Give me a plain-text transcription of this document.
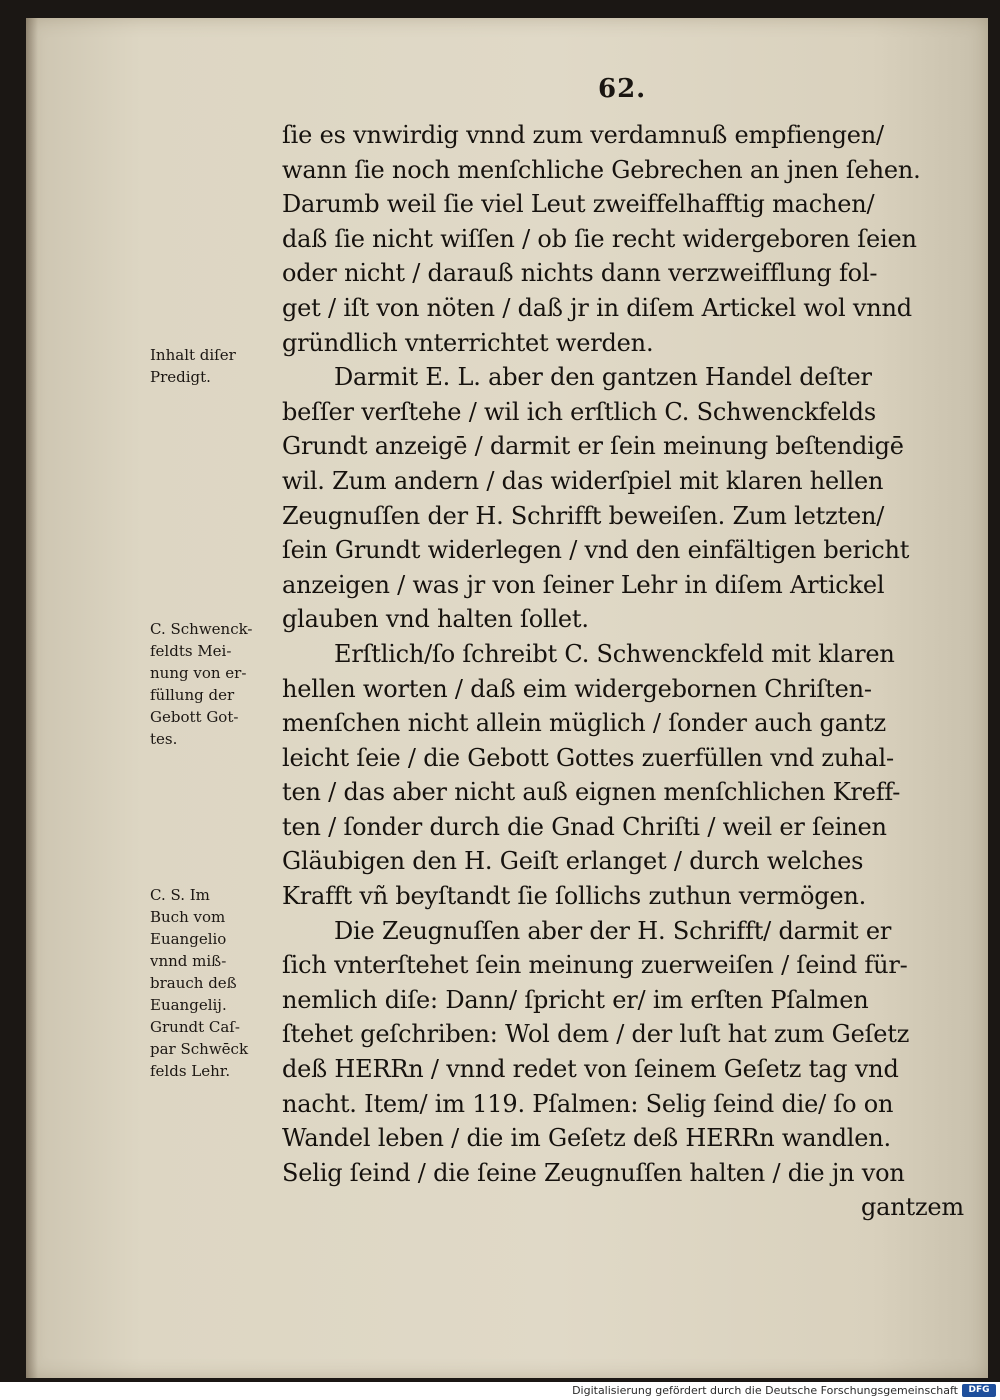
62.
ſie es vnwirdig vnnd zum verdamnuß empfiengen/
wann ſie noch menſchliche Gebrechen an jnen ſehen.
Darumb weil ſie viel Leut zweiffelhafftig machen/
daß ſie nicht wiſſen / ob ſie recht widergeboren ſeien
oder nicht / darauß nichts dann verzweifflung fol-
get / iſt von nöten / daß jr in diſem Artickel wol vnnd
gründlich vnterrichtet werden.
Darmit E. L. aber den gantzen Handel deſter
beſſer verſtehe / wil ich erſtlich C. Schwenckfelds
Grundt anzeigē / darmit er ſein meinung beſtendigē
wil. Zum andern / das widerſpiel mit klaren hellen
Zeugnuſſen der H. Schrifft beweiſen. Zum letzten/
ſein Grundt widerlegen / vnd den einfältigen bericht
anzeigen / was jr von ſeiner Lehr in diſem Artickel
glauben vnd halten ſollet.
Erſtlich/ſo ſchreibt C. Schwenckfeld mit klaren
hellen worten / daß eim widergebornen Chriſten-
menſchen nicht allein müglich / ſonder auch gantz
leicht ſeie / die Gebott Gottes zuerfüllen vnd zuhal-
ten / das aber nicht auß eignen menſchlichen Kreff-
ten / ſonder durch die Gnad Chriſti / weil er ſeinen
Gläubigen den H. Geiſt erlanget / durch welches
Krafft vñ beyſtandt ſie ſollichs zuthun vermögen.
Die Zeugnuſſen aber der H. Schrifft/ darmit er
ſich vnterſtehet ſein meinung zuerweiſen / ſeind für-
nemlich diſe: Dann/ ſpricht er/ im erſten Pſalmen
ſtehet geſchriben: Wol dem / der luſt hat zum Geſetz
deß HERRn / vnnd redet von ſeinem Geſetz tag vnd
nacht. Item/ im 119. Pſalmen: Selig ſeind die/ ſo on
Wandel leben / die im Geſetz deß HERRn wandlen.
Selig ſeind / die ſeine Zeugnuſſen halten / die jn von
gantzem
Inhalt diſer
Predigt.
C. Schwenck-
feldts Mei-
nung von er-
füllung der
Gebott Got-
tes.
C. S. Im
Buch vom
Euangelio
vnnd miß-
brauch deß
Euangelij.
Grundt Caſ-
par Schwēck
felds Lehr.
Digitalisierung gefördert durch die Deutsche Forschungsgemeinschaft	DFG
